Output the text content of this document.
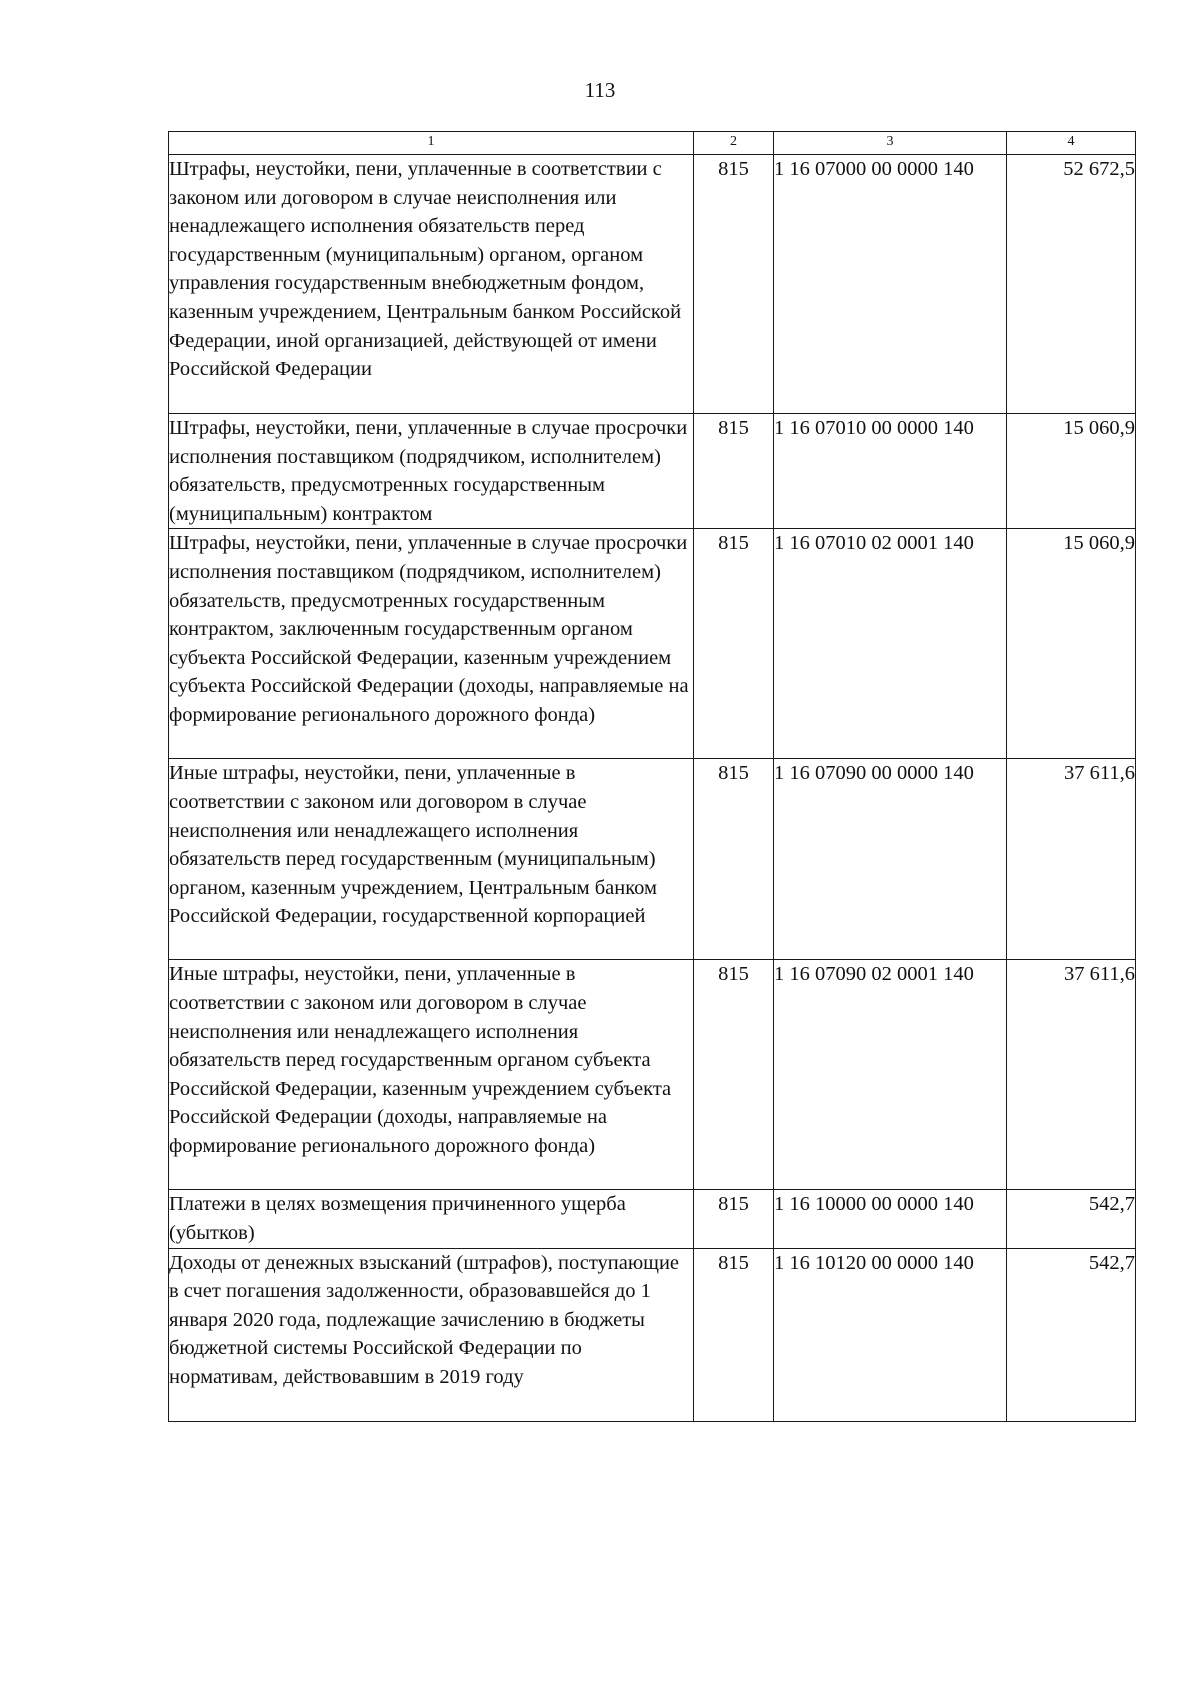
113
1	2	3	4

Штрафы, неустойки, пени, уплаченные в соответствии с законом или договором в случае неисполнения или ненадлежащего исполнения обязательств перед государственным (муниципальным) органом, органом управления государственным внебюджетным фондом, казенным учреждением, Центральным банком Российской Федерации, иной организацией, действующей от имени Российской Федерации	815	1 16 07000 00 0000 140	52 672,5

Штрафы, неустойки, пени, уплаченные в случае просрочки исполнения поставщиком (подрядчиком, исполнителем) обязательств, предусмотренных государственным (муниципальным) контрактом	815	1 16 07010 00 0000 140	15 060,9

Штрафы, неустойки, пени, уплаченные в случае просрочки исполнения поставщиком (подрядчиком, исполнителем) обязательств, предусмотренных государственным контрактом, заключенным государственным органом субъекта Российской Федерации, казенным учреждением субъекта Российской Федерации (доходы, направляемые на формирование регионального дорожного фонда)	815	1 16 07010 02 0001 140	15 060,9

Иные штрафы, неустойки, пени, уплаченные в соответствии с законом или договором в случае неисполнения или ненадлежащего исполнения обязательств перед государственным (муниципальным) органом, казенным учреждением, Центральным банком Российской Федерации, государственной корпорацией	815	1 16 07090 00 0000 140	37 611,6

Иные штрафы, неустойки, пени, уплаченные в соответствии с законом или договором в случае неисполнения или ненадлежащего исполнения обязательств перед государственным органом субъекта Российской Федерации, казенным учреждением субъекта Российской Федерации (доходы, направляемые на формирование регионального дорожного фонда)	815	1 16 07090 02 0001 140	37 611,6

Платежи в целях возмещения причиненного ущерба (убытков)	815	1 16 10000 00 0000 140	542,7

Доходы от денежных взысканий (штрафов), поступающие в счет погашения задолженности, образовавшейся до 1 января 2020 года, подлежащие зачислению в бюджеты бюджетной системы Российской Федерации по нормативам, действовавшим в 2019 году	815	1 16 10120 00 0000 140	542,7
